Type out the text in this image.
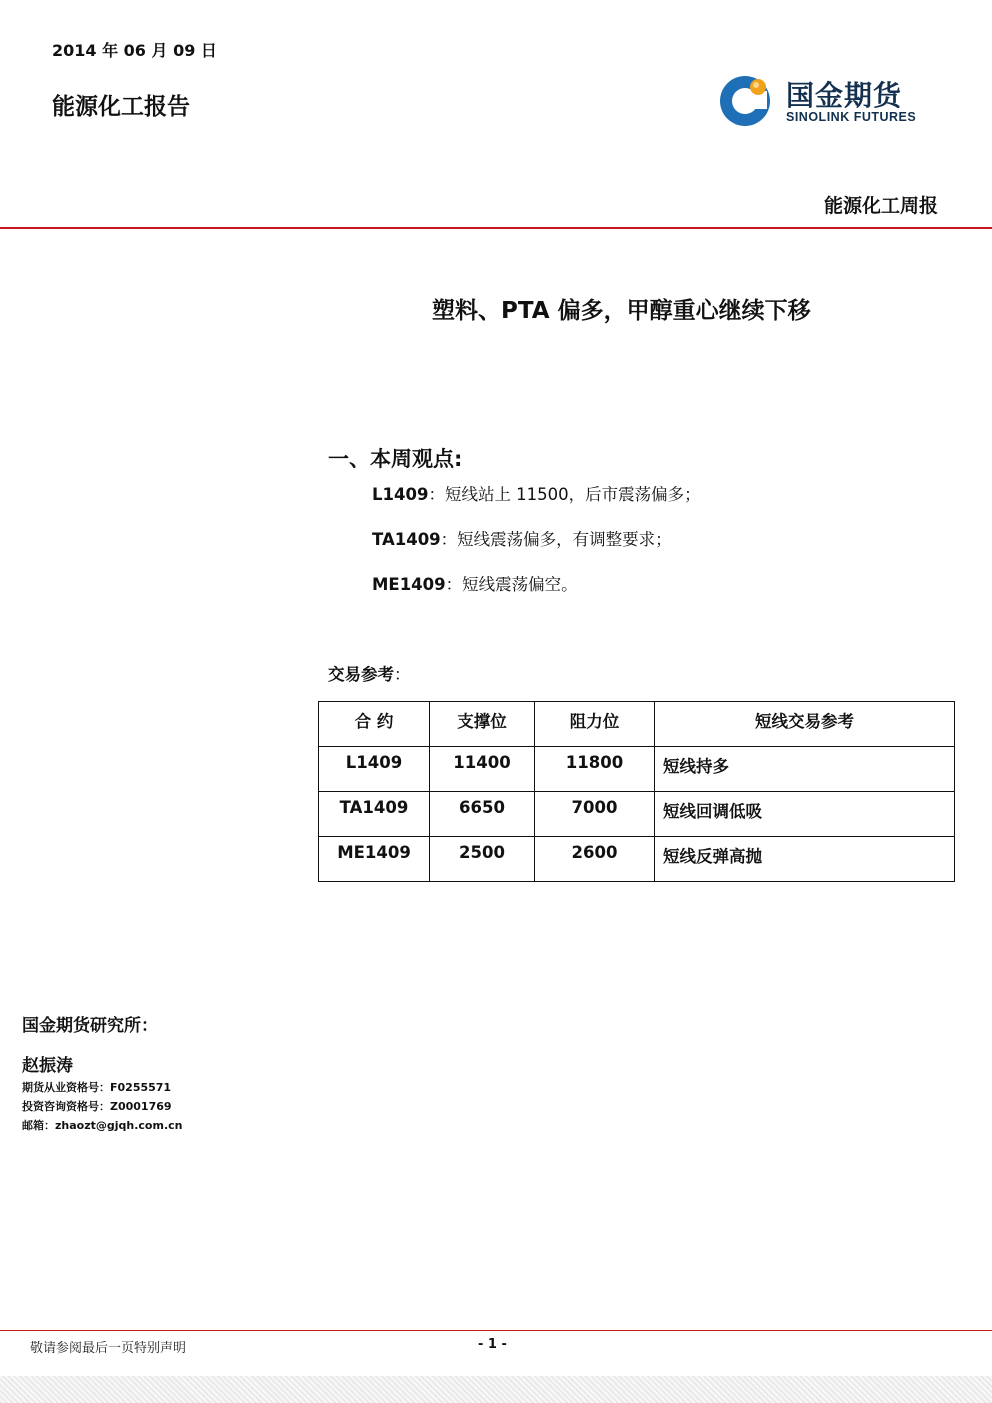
2014 年 06 月 09 日
能源化工报告	国金期货
SINOLINK FUTURES
能源化工周报
塑料、PTA 偏多，甲醇重心继续下移
一、本周观点:
L1409：短线站上 11500，后市震荡偏多；
TA1409：短线震荡偏多，有调整要求；
ME1409：短线震荡偏空。
交易参考：
合 约	支撑位	阻力位	短线交易参考
L1409	11400	11800	短线持多
TA1409	6650	7000	短线回调低吸
ME1409	2500	2600	短线反弹高抛
国金期货研究所：
赵振涛
期货从业资格号：F0255571
投资咨询资格号：Z0001769
邮箱：zhaozt@gjqh.com.cn
敬请参阅最后一页特别声明	- 1 -
